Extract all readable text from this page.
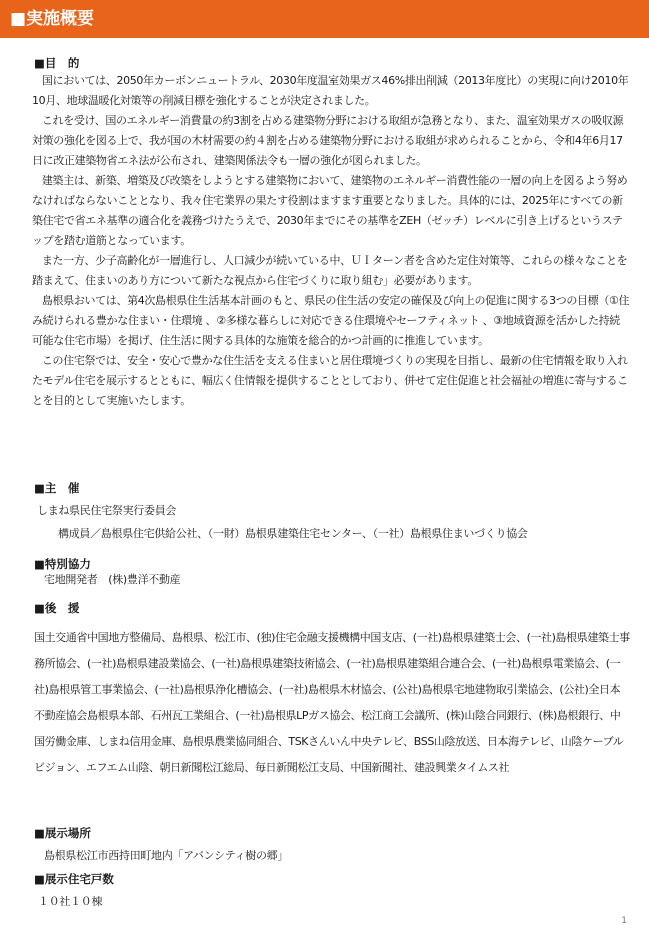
■実施概要
■目　的

国においては、2050年カーボンニュートラル、2030年度温室効果ガス46%排出削減（2013年度比）の実現に向け2010年10月、地球温暖化対策等の削減目標を強化することが決定されました。

これを受け、国のエネルギー消費量の約3割を占める建築物分野における取組が急務となり、また、温室効果ガスの吸収源対策の強化を図る上で、我が国の木材需要の約４割を占める建築物分野における取組が求められることから、令和4年6月17日に改正建築物省エネ法が公布され、建築関係法令も一層の強化が図られました。

建築主は、新築、増築及び改築をしようとする建築物において、建築物のエネルギー消費性能の一層の向上を図るよう努めなければならないこととなり、我々住宅業界の果たす役割はますます重要となりました。具体的には、2025年にすべての新築住宅で省エネ基準の適合化を義務づけたうえで、2030年までにその基準をZEH（ゼッチ）レベルに引き上げるというステップを踏む道筋となっています。

また一方、少子高齢化が一層進行し、人口減少が続いている中、ＵＩターン者を含めた定住対策等、これらの様々なことを踏まえて、住まいのあり方について新たな視点から住宅づくりに取り組む」必要があります。

島根県おいては、第4次島根県住生活基本計画のもと、県民の住生活の安定の確保及び向上の促進に関する3つの目標（①住み続けられる豊かな住まい・住環境 、②多様な暮らしに対応できる住環境やセーフティネット 、③地域資源を活かした持続可能な住宅市場）を掲げ、住生活に関する具体的な施策を総合的かつ計画的に推進しています。

この住宅祭では、安全・安心で豊かな住生活を支える住まいと居住環境づくりの実現を目指し、最新の住宅情報を取り入れたモデル住宅を展示するとともに、幅広く住情報を提供することとしており、併せて定住促進と社会福祉の増進に寄与することを目的として実施いたします。

■主　催
しまね県民住宅祭実行委員会
構成員／島根県住宅供給公社、（一財）島根県建築住宅センター、（一社）島根県住まいづくり協会
■特別協力
宅地開発者　(株)豊洋不動産
■後　援
国土交通省中国地方整備局、島根県、松江市、(独)住宅金融支援機構中国支店、(一社)島根県建築士会、(一社)島根県建築士事務所協会、(一社)島根県建設業協会、(一社)島根県建築技術協会、(一社)島根県建築組合連合会、(一社)島根県電業協会、(一社)島根県管工事業協会、(一社)島根県浄化槽協会、(一社)島根県木材協会、(公社)島根県宅地建物取引業協会、(公社)全日本不動産協会島根県本部、石州瓦工業組合、(一社)島根県LPガス協会、松江商工会議所、(株)山陰合同銀行、(株)島根銀行、中国労働金庫、しまね信用金庫、島根県農業協同組合、TSKさんいん中央テレビ、BSS山陰放送、日本海テレビ、山陰ケーブルビジョン、エフエム山陰、朝日新聞松江総局、毎日新聞松江支局、中国新聞社、建設興業タイムス社
■展示場所
島根県松江市西持田町地内「アバンシティ樹の郷」
■展示住宅戸数
１０社１０棟
1
